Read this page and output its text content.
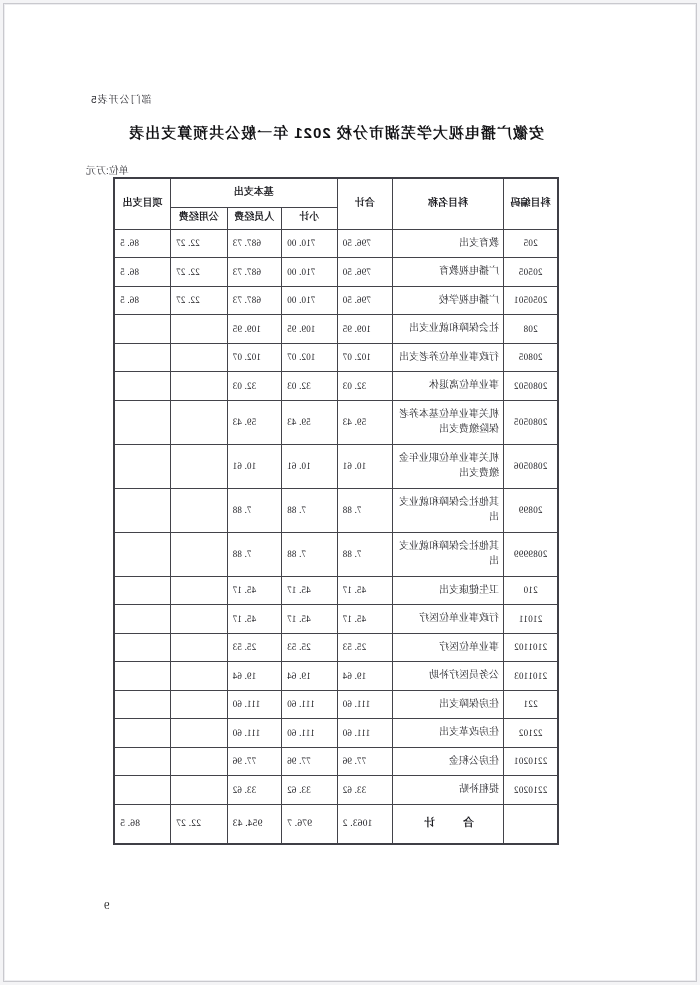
部门公开表5
安徽广播电视大学芜湖市分校 2021 年一般公共预算支出表
单位:万元
科目编码	科目名称	合计	基本支出			项目支出
			小计	人员经费	公用经费	
205	教育支出	796. 50	710. 00	687. 73	22. 27	86. 5
20505	广播电视教育	796. 50	710. 00	687. 73	22. 27	86. 5
2050501	广播电视学校	796. 50	710. 00	687. 73	22. 27	86. 5
208	社会保障和就业支出	109. 95	109. 95	109. 95		
20805	行政事业单位养老支出	102. 07	102. 07	102. 07		
2080502	事业单位离退休	32. 03	32. 03	32. 03		
2080505	机关事业单位基本养老保险缴费支出	59. 43	59. 43	59. 43		
2080506	机关事业单位职业年金缴费支出	10. 61	10. 61	10. 61		
20899	其他社会保障和就业支出	7. 88	7. 88	7. 88		
2089999	其他社会保障和就业支出	7. 88	7. 88	7. 88		
210	卫生健康支出	45. 17	45. 17	45. 17		
21011	行政事业单位医疗	45. 17	45. 17	45. 17		
2101102	事业单位医疗	25. 53	25. 53	25. 53		
2101103	公务员医疗补助	19. 64	19. 64	19. 64		
221	住房保障支出	111. 60	111. 60	111. 60		
22102	住房改革支出	111. 60	111. 60	111. 60		
2210201	住房公积金	77. 96	77. 96	77. 96		
2210202	提租补贴	33. 62	33. 62	33. 62		
	合　　计	1063. 2	976. 7	954. 43	22. 27	86. 5
9
